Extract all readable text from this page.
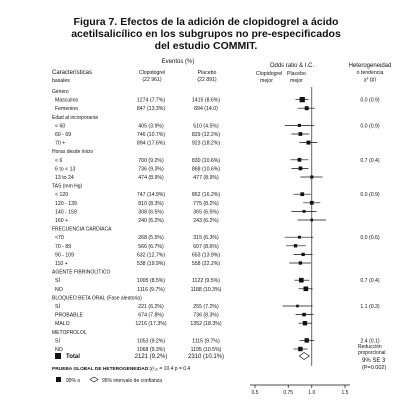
Figura 7. Efectos de la adición de clopidogrel a ácido
acetilsalicílico en los subgrupos no pre-especificados
del estudio COMMIT.
Características
basales
Eventos (%)
Clopidogrel
(22 961)
Placebo
(22 891)
Odds ratio & I.C.
Clopidogrel
mejor
Placebo
mejor
Heterogeneidad
o tendencia
χ² (p)
Género
Masculino	1274 (7.7%)	1415 (8.6%)	0.0 (0.9)
Femenino	847 (13.3%)	894 (14.0)
Edad al incorporarse
< 60	405 (3.9%)	510 (4.5%)	0.0 (0.9)
60 - 69	746 (10.7%)	829 (12.2%)
70 +	894 (17.6%)	923 (18.2%)
Horas desde inicio
< 6	700 (9.2%)	830 (10.6%)	0.7 (0.4)
6 to < 13	736 (9.3%)	868 (10.6%)
13 to 24	474 (8.9%)	477 (8.9%)
TAS (mm Hg)
< 120	747 (14.9%)	862 (16.2%)	0.0 (0.9)
120 - 139	810 (8.3%)	775 (8.2%)
140 - 159	308 (6.5%)	365 (6.5%)
160 +	240 (6.2%)	243 (6.2%)
FRECUENCIA CARDIACA
<70	268 (5.5%)	315 (6.3%)	0.0 (0.6)
70 - 89	566 (6.7%)	607 (8.6%)
90 - 109	632 (12.7%)	653 (13.9%)
110 +	538 (19.9%)	558 (22.2%)
AGENTE FIBRINOLÍTICO
SÍ	1005 (8.5%)	1122 (9.5%)	0.7 (0.4)
NO	1116 (9.7%)	1188 (10.3%)
BLOQUEO BETA ORAL (Fase aleatoria)
SÍ	221 (6.2%)	255 (7.2%)	1.1 (0.3)
PROBABLE	674 (7.8%)	736 (8.3%)
MALO	1216 (17.3%)	1352 (18.3%)
METOPROLOL
SÍ	1053 (9.2%)	1115 (9.7%)	2.4 (0.1)
NO	1068 (9.3%)	1195 (10.5%)
Total	2121 (9.2%)	2310 (10.1%)
0.5	0.75	1.0	1.5
Reducción
proporcional
9% SE 3
(P=0.002)
PRUEBA GLOBAL DE HETEROGENEIDAD: χ²₁₉ = 10.4 p = 0.4
99% o	95% intervalo de confianza
